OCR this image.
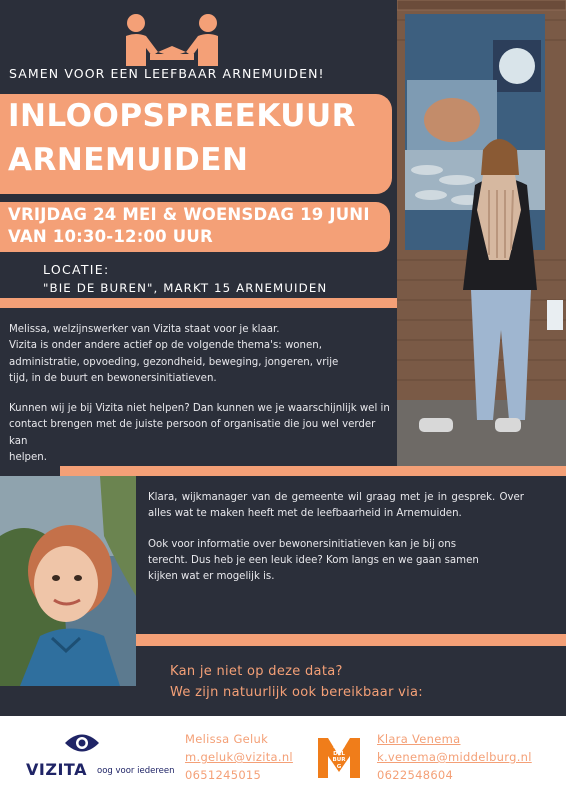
SAMEN VOOR EEN LEEFBAAR ARNEMUIDEN!
INLOOPSPREEKUUR
ARNEMUIDEN
VRIJDAG 24 MEI & WOENSDAG 19 JUNI
VAN 10:30-12:00 UUR
LOCATIE:
"BIE DE BUREN", MARKT 15 ARNEMUIDEN

Melissa, welzijnswerker van Vizita staat voor je klaar.

Vizita is onder andere actief op de volgende thema's: wonen,

administratie, opvoeding, gezondheid, beweging, jongeren, vrije

tijd, in de buurt en bewonersinitiatieven.

Kunnen wij je bij Vizita niet helpen? Dan kunnen we je waarschijnlijk wel in

contact brengen met de juiste persoon of organisatie die jou wel verder kan

helpen.

Klara, wijkmanager van de gemeente wil graag met je in gesprek. Over alles wat te maken heeft met de leefbaarheid in Arnemuiden.

Ook voor informatie over bewonersinitiatieven kan je bij ons

terecht. Dus heb je een leuk idee? Kom langs en we gaan samen

kijken wat er mogelijk is.

Kan je niet op deze data?
We zijn natuurlijk ook bereikbaar via:
VIZITA oog voor iedereen
Melissa Geluk
m.geluk@vizita.nl
0651245015
MIDDELBURG
Klara Venema
k.venema@middelburg.nl
0622548604
